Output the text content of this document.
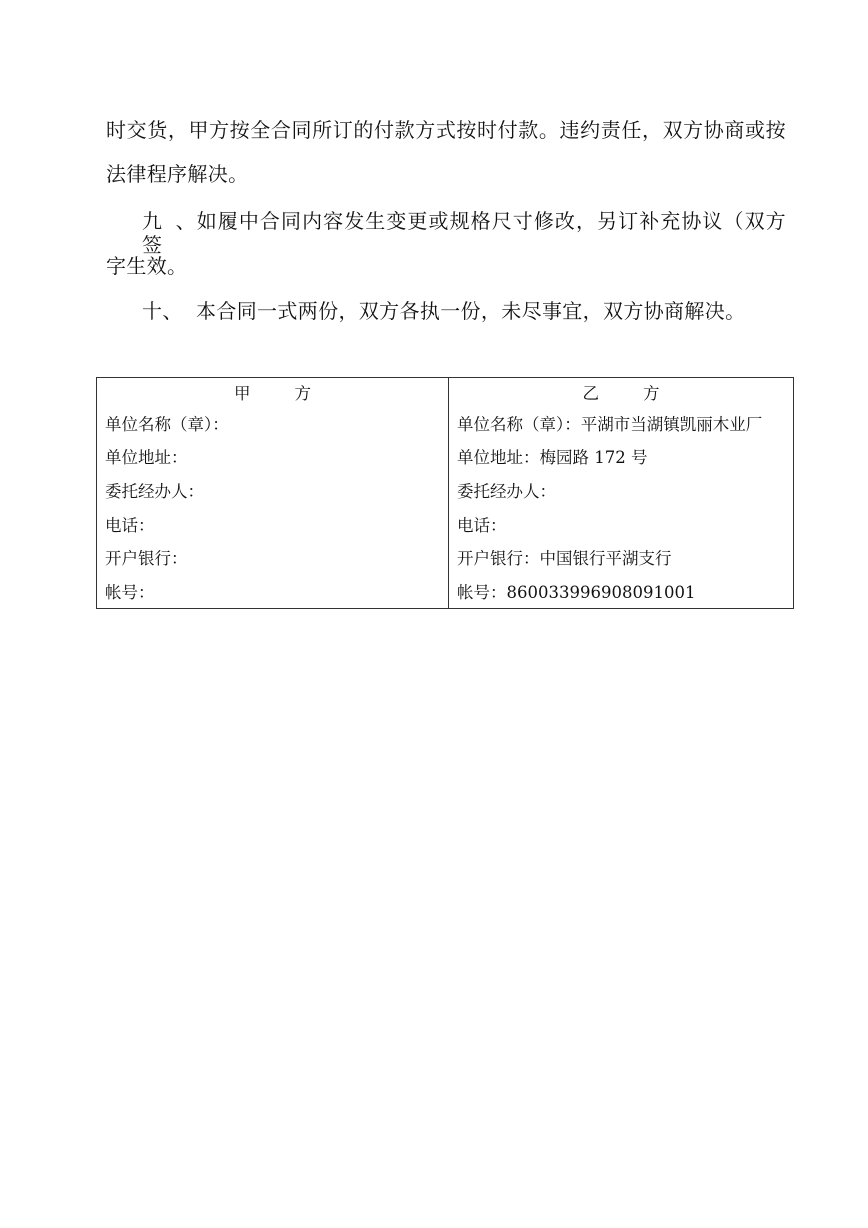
时交货，甲方按全合同所订的付款方式按时付款。违约责任，双方协商或按
法律程序解决。
九、如履中合同内容发生变更或规格尺寸修改，另订补充协议（双方签
字生效。
十、 本合同一式两份，双方各执一份，未尽事宜，双方协商解决。
甲 方	乙 方
单位名称（章）：	单位名称（章）：平湖市当湖镇凯丽木业厂
单位地址：	单位地址：梅园路 172 号
委托经办人：	委托经办人：
电话：	电话：
开户银行：	开户银行：中国银行平湖支行
帐号：	帐号：860033996908091001
